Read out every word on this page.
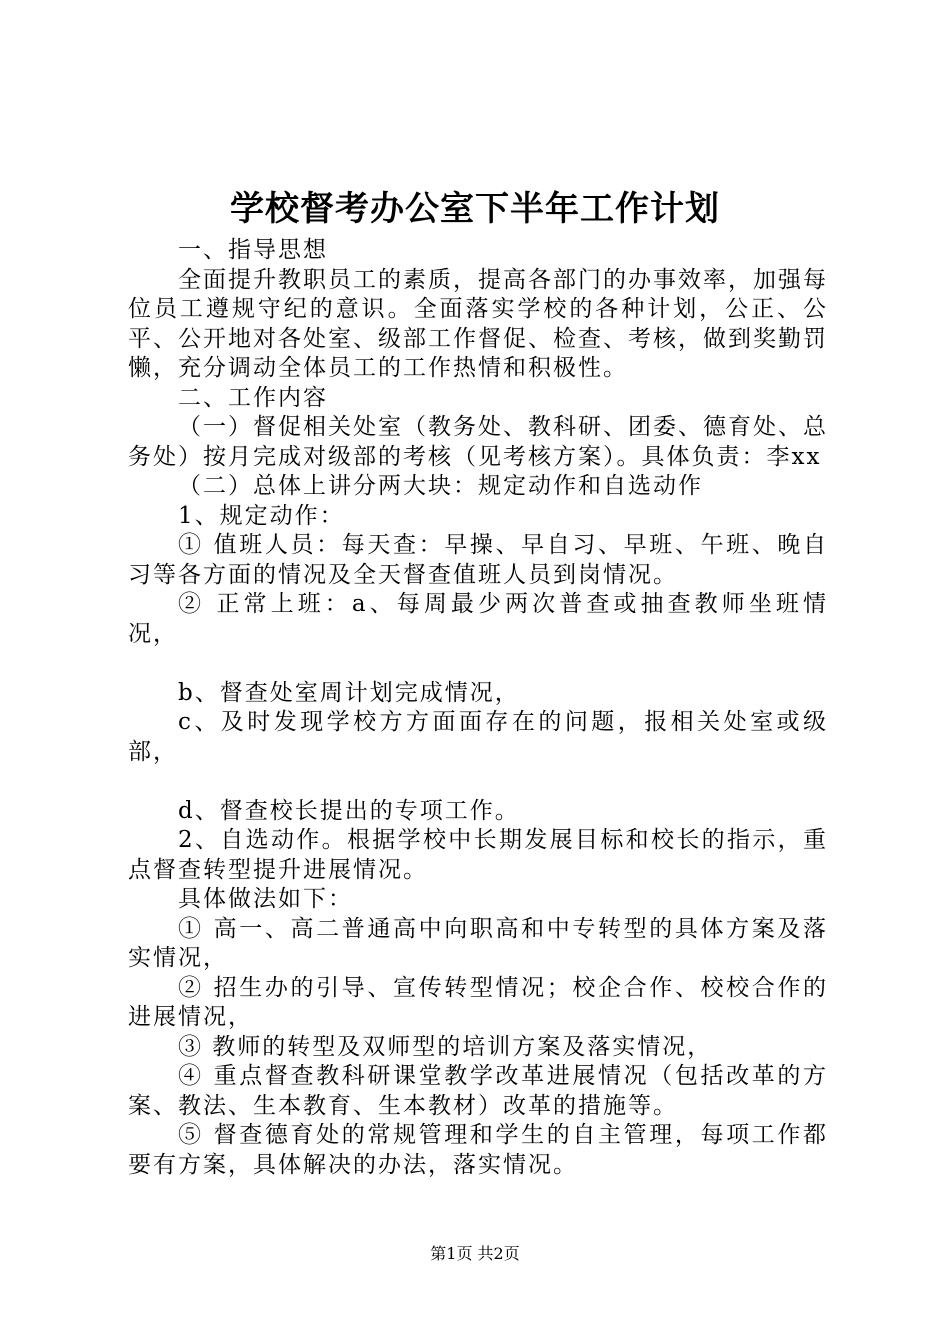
学校督考办公室下半年工作计划

一、指导思想

全面提升教职员工的素质，提高各部门的办事效率，加强每位员工遵规守纪的意识。全面落实学校的各种计划，公正、公平、公开地对各处室、级部工作督促、检查、考核，做到奖勤罚懒，充分调动全体员工的工作热情和积极性。

二、工作内容

（一）督促相关处室（教务处、教科研、团委、德育处、总务处）按月完成对级部的考核（见考核方案）。具体负责：李xx

（二）总体上讲分两大块：规定动作和自选动作

1、规定动作：

① 值班人员：每天查：早操、早自习、早班、午班、晚自习等各方面的情况及全天督查值班人员到岗情况。

② 正常上班：a、每周最少两次普查或抽查教师坐班情况，

b、督查处室周计划完成情况，

c、及时发现学校方方面面存在的问题，报相关处室或级部，

d、督查校长提出的专项工作。

2、自选动作。根据学校中长期发展目标和校长的指示，重点督查转型提升进展情况。

具体做法如下：

① 高一、高二普通高中向职高和中专转型的具体方案及落实情况，

② 招生办的引导、宣传转型情况；校企合作、校校合作的进展情况，

③ 教师的转型及双师型的培训方案及落实情况，

④ 重点督查教科研课堂教学改革进展情况（包括改革的方案、教法、生本教育、生本教材）改革的措施等。

⑤ 督查德育处的常规管理和学生的自主管理，每项工作都要有方案，具体解决的办法，落实情况。

第1页 共2页
